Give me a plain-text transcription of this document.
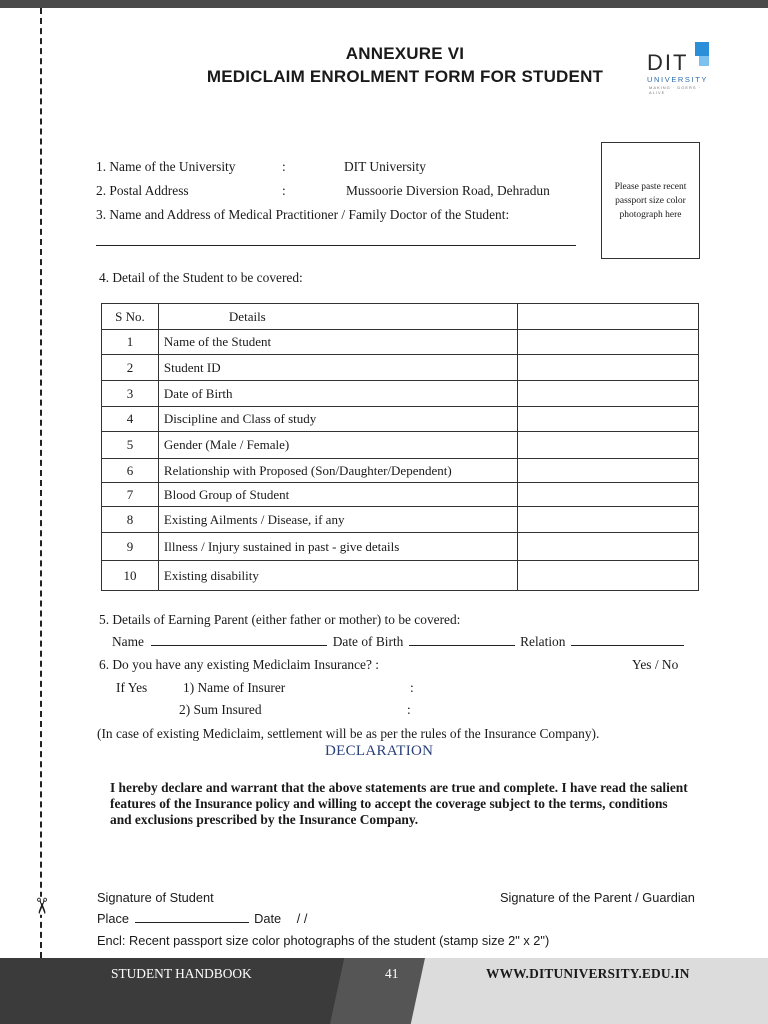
✂
ANNEXURE VI
MEDICLAIM ENROLMENT FORM FOR STUDENT
DIT
UNIVERSITY
MAKING · DOERS · ALIVE
1. Name of the University	:	DIT University
2. Postal Address	:	Mussoorie Diversion Road, Dehradun
3. Name and Address of Medical Practitioner / Family Doctor of the Student:
Please paste recent passport size color photograph here
4. Detail of the Student to be covered:
S No.	Details	
1	Name of the Student	
2	Student ID	
3	Date of Birth	
4	Discipline and Class of study	
5	Gender (Male / Female)	
6	Relationship with Proposed (Son/Daughter/Dependent)	
7	Blood Group of Student	
8	Existing Ailments / Disease, if any	
9	Illness / Injury sustained in past - give details	
10	Existing disability	
5. Details of Earning Parent (either father or mother) to be covered:
Name	Date of Birth	Relation
6. Do you have any existing Mediclaim Insurance? :	Yes / No
If Yes	1) Name of Insurer	:
2) Sum Insured	:
(In case of existing Mediclaim, settlement will be as per the rules of the Insurance Company).
DECLARATION
I hereby declare and warrant that the above statements are true and complete. I have read the salient features of the Insurance policy and willing to accept the coverage subject to the terms, conditions and exclusions prescribed by the Insurance Company.
Signature of Student	Signature of the Parent / Guardian
Place	Date / /
Encl: Recent passport size color photographs of the student (stamp size 2" x 2")
STUDENT HANDBOOK	41	WWW.DITUNIVERSITY.EDU.IN
